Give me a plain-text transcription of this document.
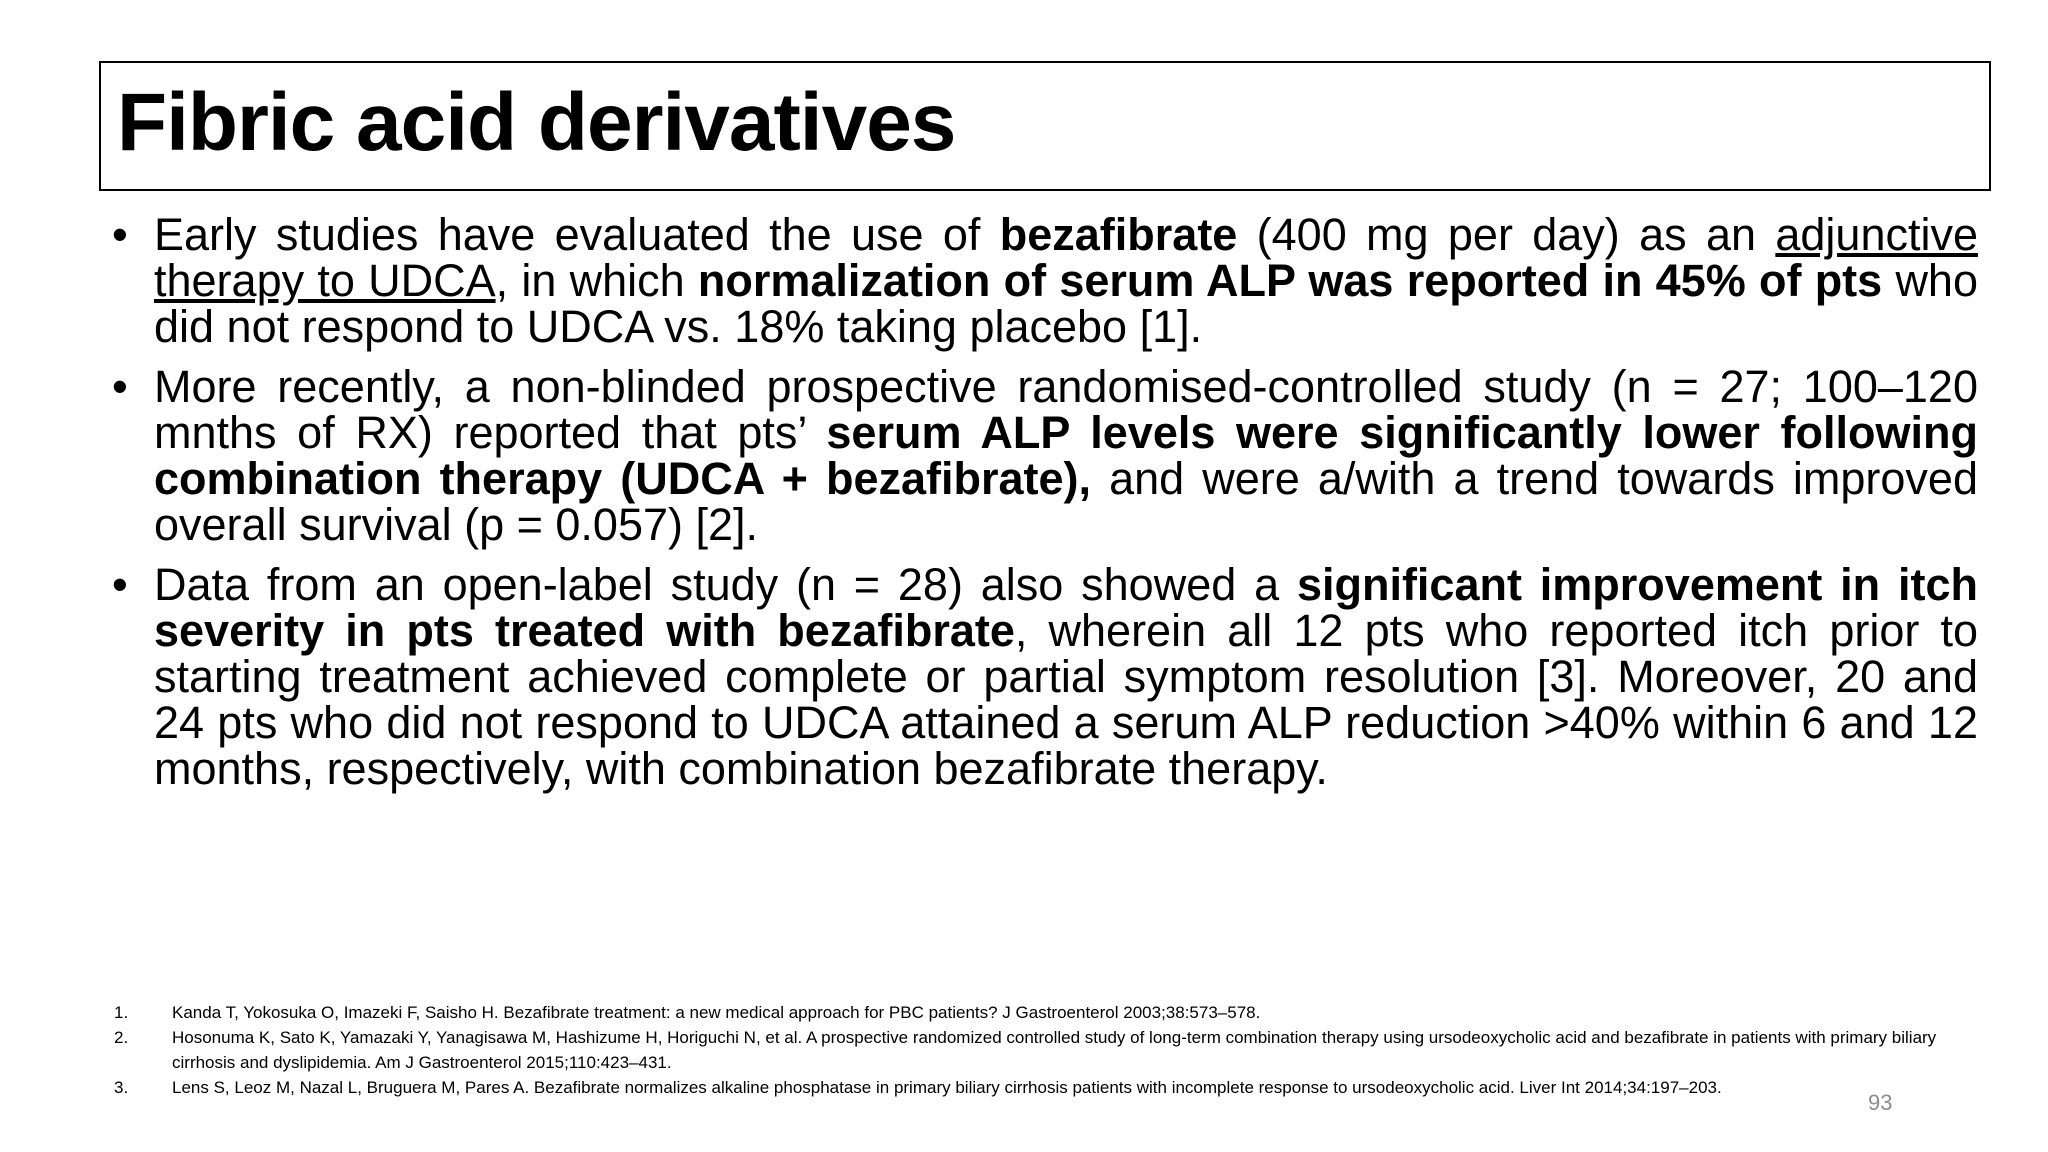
Fibric acid derivatives
• Early studies have evaluated the use of bezafibrate (400 mg per day) as an adjunctive therapy to UDCA, in which normalization of serum ALP was reported in 45% of pts who did not respond to UDCA vs. 18% taking placebo [1].
• More recently, a non-blinded prospective randomised-controlled study (n = 27; 100–120 mnths of RX) reported that pts’ serum ALP levels were significantly lower following combination therapy (UDCA + bezafibrate), and were a/with a trend towards improved overall survival (p = 0.057) [2].
• Data from an open-label study (n = 28) also showed a significant improvement in itch severity in pts treated with bezafibrate, wherein all 12 pts who reported itch prior to starting treatment achieved complete or partial symptom resolution [3]. Moreover, 20 and 24 pts who did not respond to UDCA attained a serum ALP reduction >40% within 6 and 12 months, respectively, with combination bezafibrate therapy.
1.	Kanda T, Yokosuka O, Imazeki F, Saisho H. Bezafibrate treatment: a new medical approach for PBC patients? J Gastroenterol 2003;38:573–578.
2.	Hosonuma K, Sato K, Yamazaki Y, Yanagisawa M, Hashizume H, Horiguchi N, et al. A prospective randomized controlled study of long-term combination therapy using ursodeoxycholic acid and bezafibrate in patients with primary biliary cirrhosis and dyslipidemia. Am J Gastroenterol 2015;110:423–431.
3.	Lens S, Leoz M, Nazal L, Bruguera M, Pares A. Bezafibrate normalizes alkaline phosphatase in primary biliary cirrhosis patients with incomplete response to ursodeoxycholic acid. Liver Int 2014;34:197–203.
93
